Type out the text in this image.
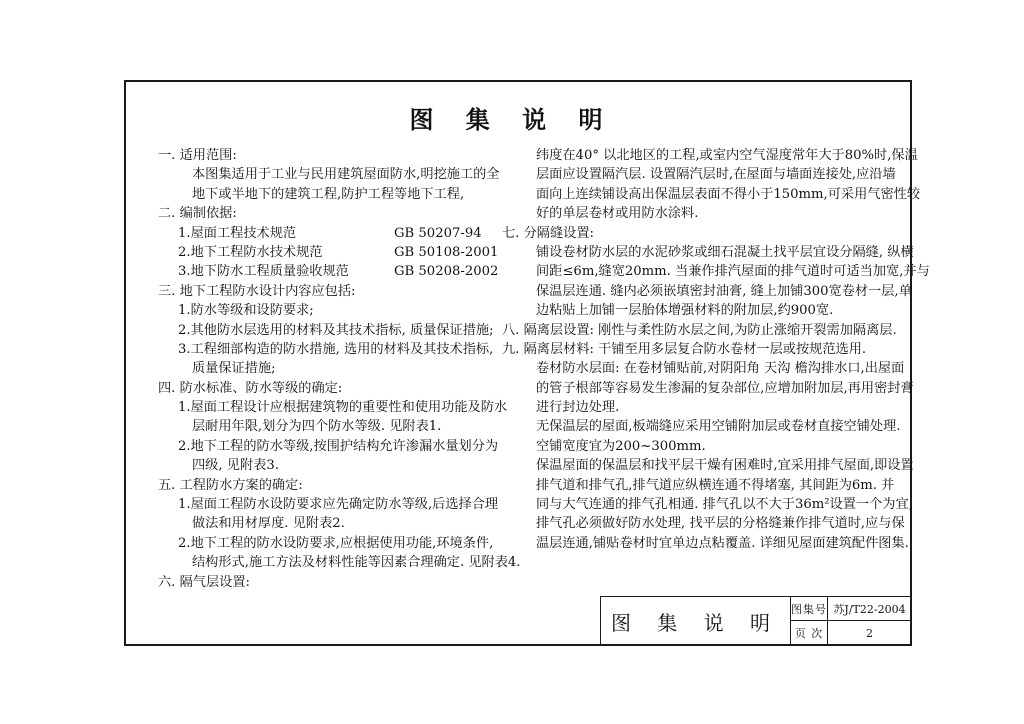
图 集 说 明
一. 适用范围:
本图集适用于工业与民用建筑屋面防水,明挖施工的全
地下或半地下的建筑工程,防护工程等地下工程,
二. 编制依据:
1.屋面工程技术规范	GB 50207-94
2.地下工程防水技术规范	GB 50108-2001
3.地下防水工程质量验收规范	GB 50208-2002
三. 地下工程防水设计内容应包括:
1.防水等级和设防要求;
2.其他防水层选用的材料及其技术指标, 质量保证措施;
3.工程细部构造的防水措施, 选用的材料及其技术指标,
质量保证措施;
四. 防水标准、防水等级的确定:
1.屋面工程设计应根据建筑物的重要性和使用功能及防水
层耐用年限,划分为四个防水等级. 见附表1.
2.地下工程的防水等级,按围护结构允许渗漏水量划分为
四级, 见附表3.
五. 工程防水方案的确定:
1.屋面工程防水设防要求应先确定防水等级,后选择合理
做法和用材厚度. 见附表2.
2.地下工程的防水设防要求,应根据使用功能,环境条件,
结构形式,施工方法及材料性能等因素合理确定. 见附表4.
六. 隔气层设置:
纬度在40° 以北地区的工程,或室内空气湿度常年大于80%时,保温
层面应设置隔汽层. 设置隔汽层时,在屋面与墙面连接处,应沿墙
面向上连续铺设高出保温层表面不得小于150mm,可采用气密性较
好的单层卷材或用防水涂料.
七. 分隔缝设置:
铺设卷材防水层的水泥砂浆或细石混凝土找平层宜设分隔缝, 纵横
间距≤6m,缝宽20mm. 当兼作排汽屋面的排气道时可适当加宽,并与
保温层连通. 缝内必须嵌填密封油膏, 缝上加铺300宽卷材一层,单
边粘贴上加铺一层胎体增强材料的附加层,约900宽.
八. 隔离层设置: 刚性与柔性防水层之间,为防止涨缩开裂需加隔离层.
九. 隔离层材料: 干铺至用多层复合防水卷材一层或按规范选用.
卷材防水层面: 在卷材铺贴前,对阴阳角 天沟 檐沟排水口,出屋面
的管子根部等容易发生渗漏的复杂部位,应增加附加层,再用密封膏
进行封边处理.
无保温层的屋面,板端缝应采用空铺附加层或卷材直接空铺处理.
空铺宽度宜为200~300mm.
保温屋面的保温层和找平层干燥有困难时,宜采用排气屋面,即设置
排气道和排气孔,排气道应纵横连通不得堵塞, 其间距为6m. 并
同与大气连通的排气孔相通. 排气孔以不大于36m²设置一个为宜,
排气孔必须做好防水处理, 找平层的分格缝兼作排气道时,应与保
温层连通,铺贴卷材时宜单边点粘覆盖. 详细见屋面建筑配件图集.
图 集 说 明
图集号 苏J/T22-2004
页 次	2
